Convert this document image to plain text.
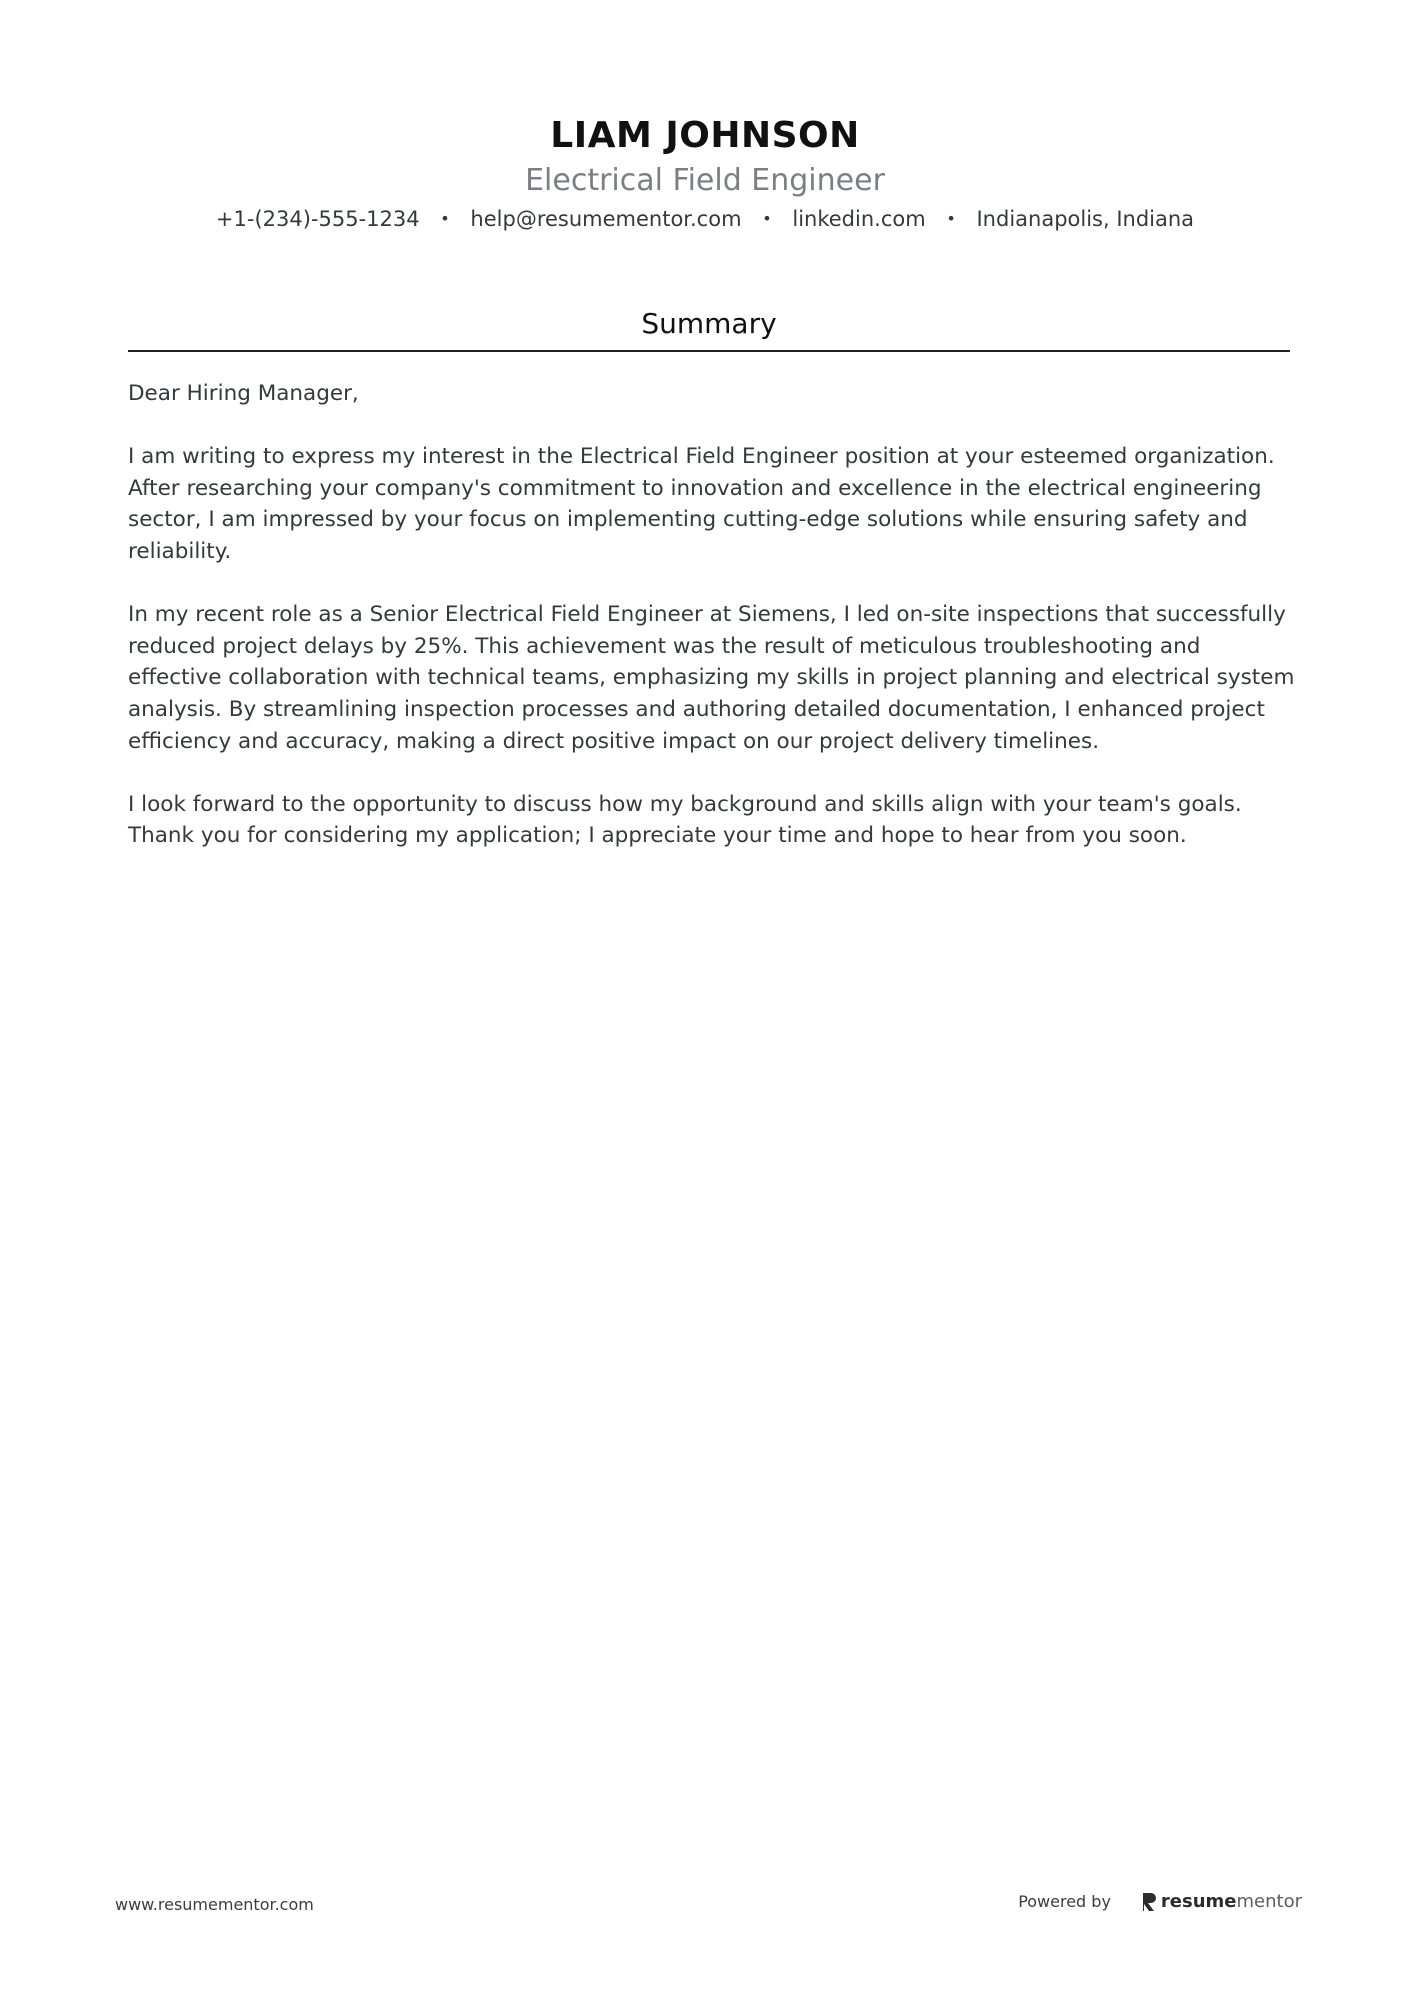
LIAM JOHNSON
Electrical Field Engineer
+1-(234)-555-1234 • help@resumementor.com • linkedin.com • Indianapolis, Indiana
Summary

Dear Hiring Manager,

I am writing to express my interest in the Electrical Field Engineer position at your esteemed organization. After researching your company's commitment to innovation and excellence in the electrical engineering sector, I am impressed by your focus on implementing cutting-edge solutions while ensuring safety and reliability.

In my recent role as a Senior Electrical Field Engineer at Siemens, I led on-site inspections that successfully reduced project delays by 25%. This achievement was the result of meticulous troubleshooting and effective collaboration with technical teams, emphasizing my skills in project planning and electrical system analysis. By streamlining inspection processes and authoring detailed documentation, I enhanced project efficiency and accuracy, making a direct positive impact on our project delivery timelines.

I look forward to the opportunity to discuss how my background and skills align with your team's goals. Thank you for considering my application; I appreciate your time and hope to hear from you soon.

www.resumementor.com	Powered by	resume mentor
